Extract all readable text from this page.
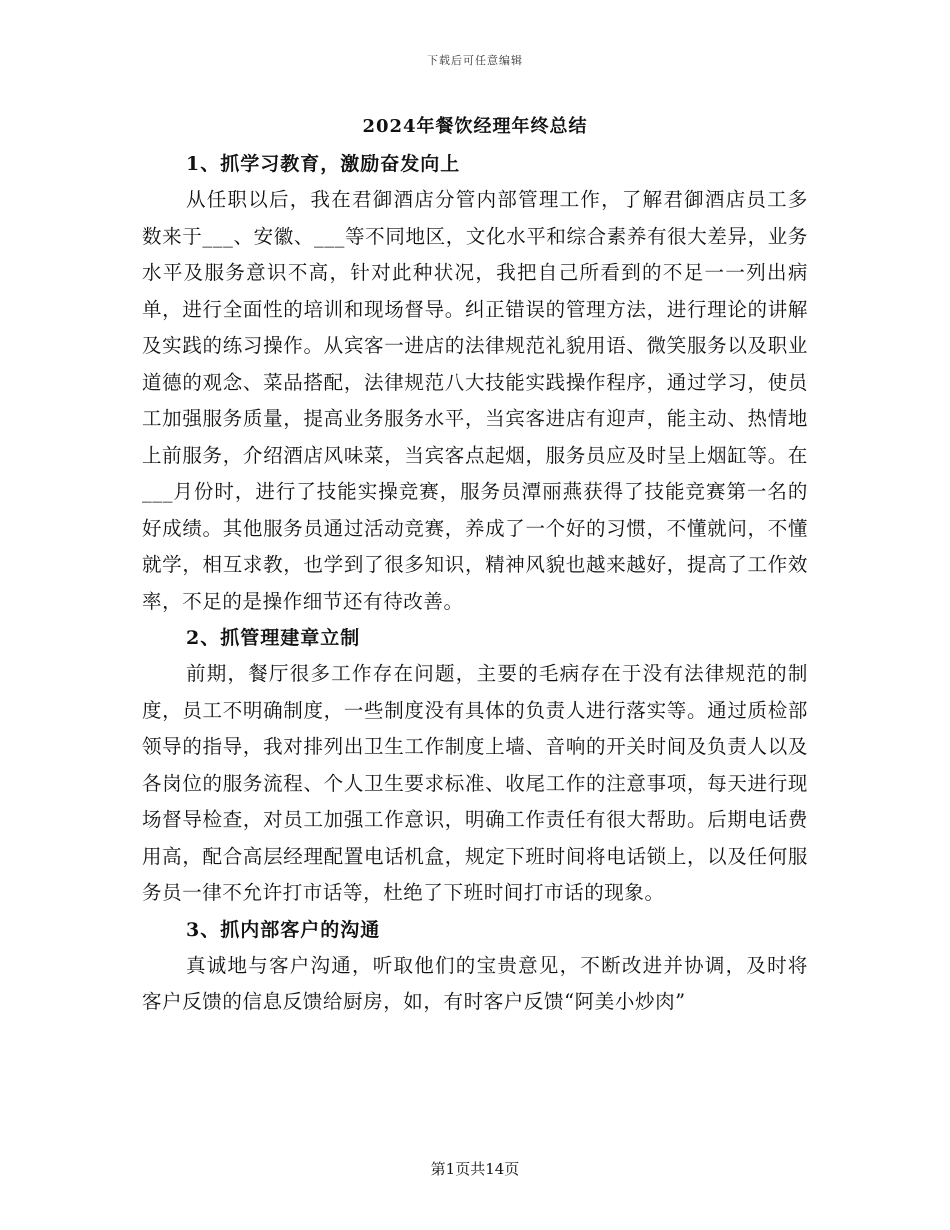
下载后可任意编辑
2024年餐饮经理年终总结

1、抓学习教育，激励奋发向上

从任职以后，我在君御酒店分管内部管理工作，了解君御酒店员工多数来于___、安徽、___等不同地区，文化水平和综合素养有很大差异，业务水平及服务意识不高，针对此种状况，我把自己所看到的不足一一列出病单，进行全面性的培训和现场督导。纠正错误的管理方法，进行理论的讲解及实践的练习操作。从宾客一进店的法律规范礼貌用语、微笑服务以及职业道德的观念、菜品搭配，法律规范八大技能实践操作程序，通过学习，使员工加强服务质量，提高业务服务水平，当宾客进店有迎声，能主动、热情地上前服务，介绍酒店风味菜，当宾客点起烟，服务员应及时呈上烟缸等。在___月份时，进行了技能实操竞赛，服务员潭丽燕获得了技能竞赛第一名的好成绩。其他服务员通过活动竞赛，养成了一个好的习惯，不懂就问，不懂就学，相互求教，也学到了很多知识，精神风貌也越来越好，提高了工作效率，不足的是操作细节还有待改善。

2、抓管理建章立制

前期，餐厅很多工作存在问题，主要的毛病存在于没有法律规范的制度，员工不明确制度，一些制度没有具体的负责人进行落实等。通过质检部领导的指导，我对排列出卫生工作制度上墙、音响的开关时间及负责人以及各岗位的服务流程、个人卫生要求标准、收尾工作的注意事项，每天进行现场督导检查，对员工加强工作意识，明确工作责任有很大帮助。后期电话费用高，配合高层经理配置电话机盒，规定下班时间将电话锁上，以及任何服务员一律不允许打市话等，杜绝了下班时间打市话的现象。

3、抓内部客户的沟通

真诚地与客户沟通，听取他们的宝贵意见，不断改进并协调，及时将客户反馈的信息反馈给厨房，如，有时客户反馈“阿美小炒肉”

第1页共14页
